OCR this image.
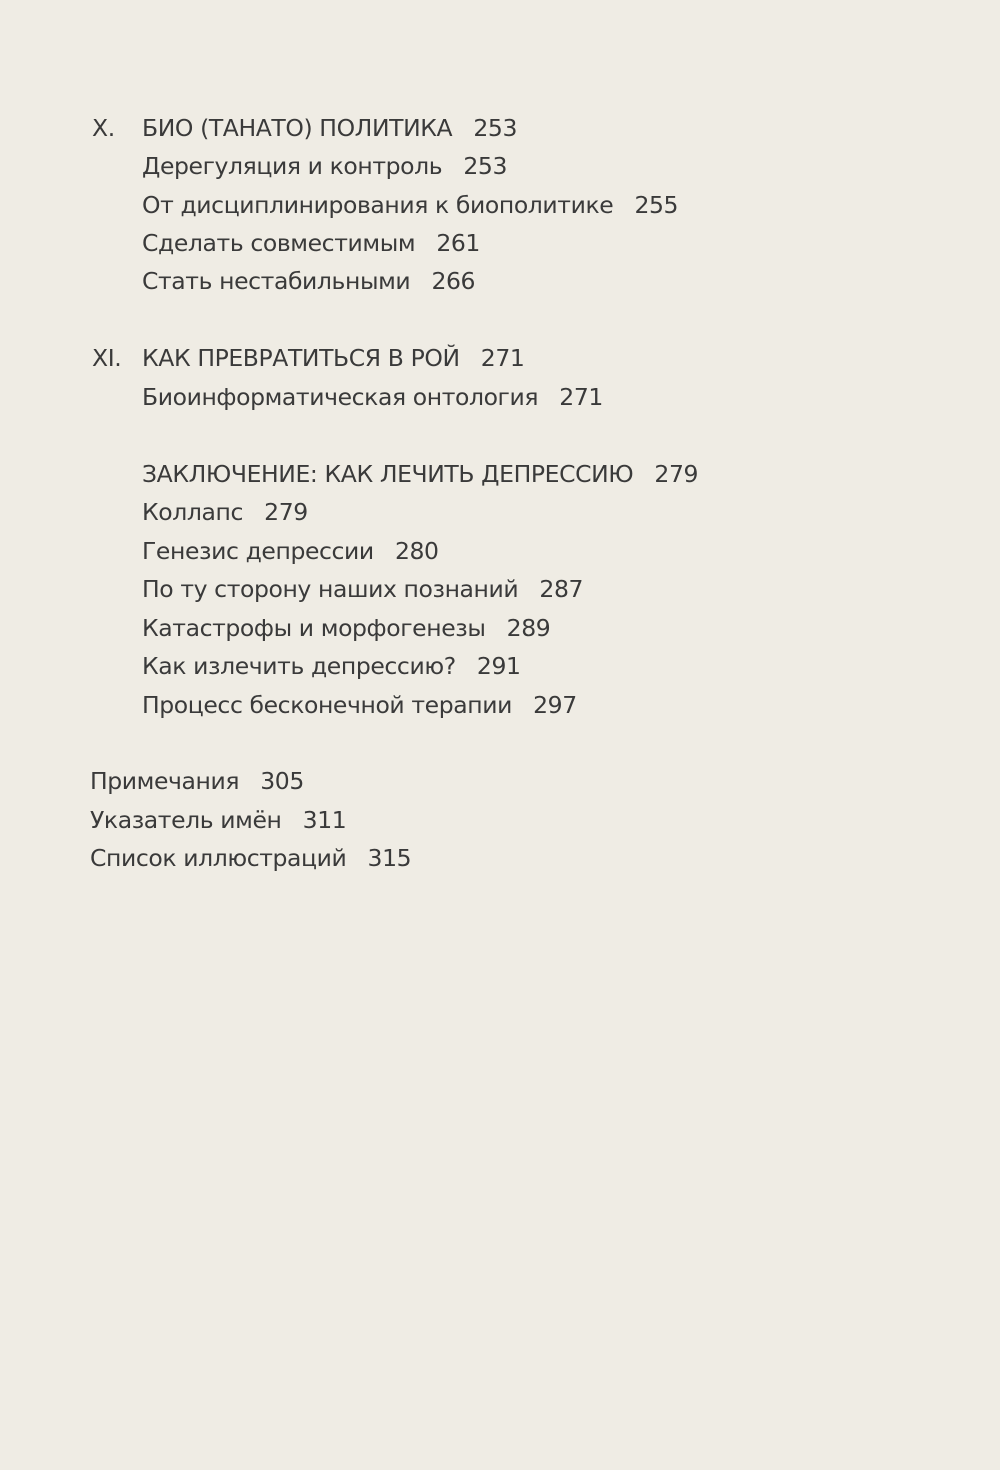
X. БИО (ТАНАТО) ПОЛИТИКА 253
Дерегуляция и контроль 253
От дисциплинирования к биополитике 255
Сделать совместимым 261
Стать нестабильными 266
XI. КАК ПРЕВРАТИТЬСЯ В РОЙ 271
Биоинформатическая онтология 271
ЗАКЛЮЧЕНИЕ: КАК ЛЕЧИТЬ ДЕПРЕССИЮ 279
Коллапс 279
Генезис депрессии 280
По ту сторону наших познаний 287
Катастрофы и морфогенезы 289
Как излечить депрессию? 291
Процесс бесконечной терапии 297
Примечания 305
Указатель имён 311
Список иллюстраций 315
